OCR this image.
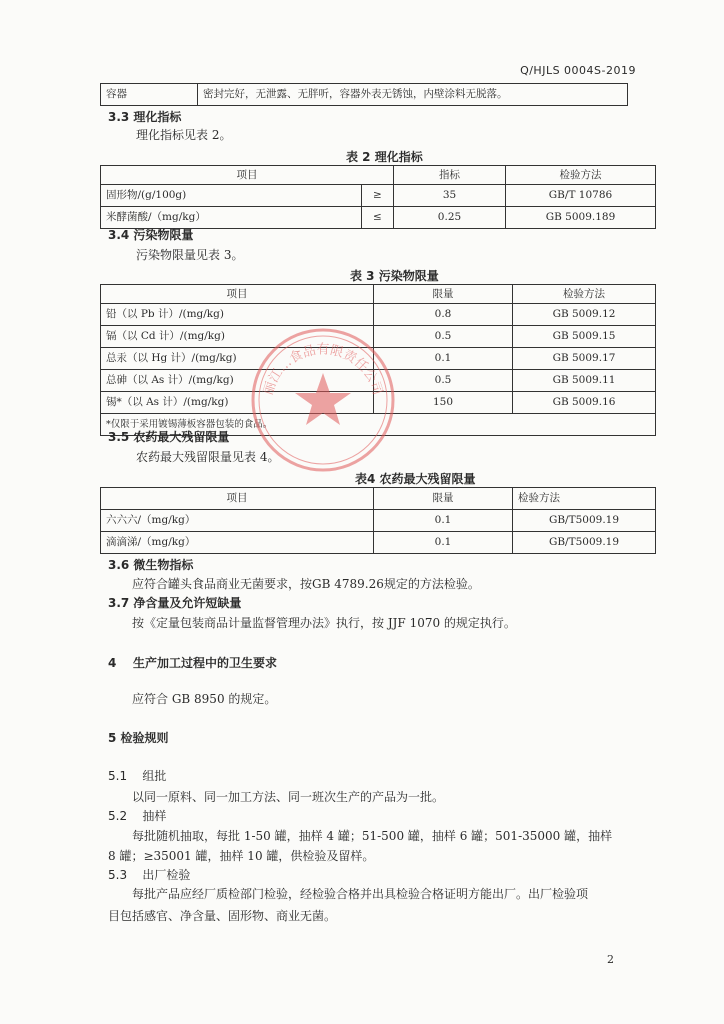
Q/HJLS 0004S-2019
容器	密封完好，无泄露、无胖听，容器外表无锈蚀，内壁涂料无脱落。
3.3 理化指标
理化指标见表 2。
表 2 理化指标
项目		指标	检验方法
固形物/(g/100g)	≥	35	GB/T 10786
米酵菌酸/（mg/kg）	≤	0.25	GB 5009.189
3.4 污染物限量
污染物限量见表 3。
表 3 污染物限量
项目	限量	检验方法
铅（以 Pb 计）/(mg/kg)	0.8	GB 5009.12
镉（以 Cd 计）/(mg/kg)	0.5	GB 5009.15
总汞（以 Hg 计）/(mg/kg)	0.1	GB 5009.17
总砷（以 As 计）/(mg/kg)	0.5	GB 5009.11
锡*（以 As 计）/(mg/kg)	150	GB 5009.16
*仅限于采用镀锡薄板容器包装的食品。		
3.5 农药最大残留限量
农药最大残留限量见表 4。
表4 农药最大残留限量
项目	限量	检验方法
六六六/（mg/kg）	0.1	GB/T5009.19
滴滴涕/（mg/kg）	0.1	GB/T5009.19
3.6 微生物指标
应符合罐头食品商业无菌要求，按GB 4789.26规定的方法检验。
3.7 净含量及允许短缺量
按《定量包装商品计量监督管理办法》执行，按 JJF 1070 的规定执行。
4    生产加工过程中的卫生要求
应符合 GB 8950 的规定。
5 检验规则
5.1    组批
以同一原料、同一加工方法、同一班次生产的产品为一批。
5.2    抽样
每批随机抽取，每批 1-50 罐，抽样 4 罐；51-500 罐，抽样 6 罐；501-35000 罐，抽样
8 罐；≥35001 罐，抽样 10 罐，供检验及留样。
5.3    出厂检验
每批产品应经厂质检部门检验，经检验合格并出具检验合格证明方能出厂。出厂检验项
目包括感官、净含量、固形物、商业无菌。
2
丽江…食品有限责任公司
